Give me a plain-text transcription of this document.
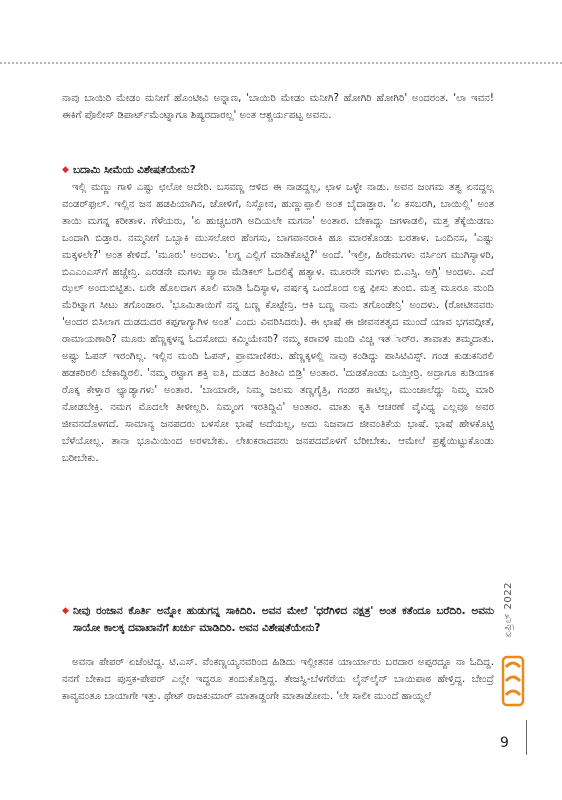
ನಾವು ಬಾಯಿರಿ ಮೇಡಂ ಮನೀಗೆ ಹೊಂಟೀವಿ ಅನ್ನಾಣ, 'ಬಾಯಿರಿ ಮೇಡಂ ಮನೀಗಿ? ಹೋಗಿರಿ ಹೋಗಿರಿ' ಅಂದರಂತ. 'ಲಾ ಇವನ! ಈಕಿಗೆ ಪೊಲೀಸ್ ಡಿಪಾರ್ಟ್‌ಮೆಂಟ್ನಾಗೂ ಶಿಷ್ಯರದಾರಲ್ಲ' ಅಂತ ಆಶ್ಚರ್ಯಪಟ್ಟ ಅವನು.

◆ ಬದಾಮಿ ಸೀಮೆಯ ವಿಶೇಷತೆಯೇನು?

ಇಲ್ಲಿ ಮಣ್ಣು ಗಾಳಿ ಎಷ್ಟು ಛಲೋ ಅದೇರಿ. ಬಸವಣ್ಣ ಆಳಿದ ಈ ನಾಡದ್ದಲ್ಲ, ಛಾಳ ಒಳ್ಳೇ ನಾಡು. ಅವನ ಜಂಗಮ ತತ್ವ ಏನದ್ದಲ್ಲ ವಂಡರ್‌ಫುಲ್. ಇಲ್ಲಿನ ಜನ ಹಡಪಿಯಾಗಿನ, ಜೋಳಿಗೆ, ನಿಸ್ಸೋನ, ಹುಣ್ಣುಪ್ಪಾಲಿ ಅಂತ ಬೈದಾಡ್ತಾರ. 'ಏ ಕಸಬರಗಿ, ಬಾಯಿಲ್ಲಿ' ಅಂತ ತಾಯಿ ಮಗನ್ನ ಕರೀತಾಳ. ಗೆಳೆಯರು, 'ಏ ಹುಚ್ಚಬರಗಿ ಅದಿಯಲೇ ಮಗನಾ' ಅಂತಾರ. ಬೇಕಾದ್ದು ಜಗಳಾಡಲಿ, ಮತ್ತ ತೆಕ್ಕೆಯಿಡಣು ಒಂದಾಗಿ ಬಿಡ್ತಾರ. ನಮ್ಮನೀಗೆ ಒಬ್ಬಾಕಿ ಮುಸಲೋರ ಹೆಂಗಸು, ಬಾಗವಾನರಾಕಿ ಹೂ ಮಾರಕೊಂಡು ಬರತಾಳ. ಒಂದಿನಸ, 'ಎಷ್ಟು ಮಕ್ಕಳಲೇ?' ಅಂತ ಕೇಳಿದೆ. 'ಮೂರು' ಅಂದಳು. 'ಲಗ್ನ ಎಲ್ಲಿಗೆ ಮಾಡಿಕೊಟ್ಟಿ?' ಅಂದೆ. 'ಇಲ್ರೀ, ಹಿರೇಮಗಳು ನರ್ಸಿಂಗ ಮುಗಿಸ್ಯಾಳರಿ, ಬಿಎಎಂಎಸ್‌ಗೆ ಹಚ್ಚೇನ್ರಿ. ಎರಡನೇ ಮಗಳು ಪ್ಯಾರಾ ಮೆಡಿಕಲ್ ಓದಲಿಕ್ಕೆ ಹತ್ಯಾಳ. ಮೂರನೇ ಮಗಳು ಬಿ.ಎಸ್ಸಿ. ಅಗ್ರಿ' ಅಂದಳು. ಎದೆ ಝಲ್ ಅಂದುಬಿಟ್ಟಿತು. ಬರೇ ಹೊಲದಾಗ ಕೂಲಿ ಮಾಡಿ ಓದಿಸ್ಯಾಳ, ವರ್ಷಕ್ಕ ಒಂದೊಂದ ಲಕ್ಷ ಫೀಸು ತುಂಬಿ. ಮತ್ತ ಮೂರೂ ಮಂದಿ ಮೆರಿಟ್ನಾಗ ಸೀಟು ತಗೊಂಡಾರ. 'ಭೂಮಿತಾಯಿಗೆ ನನ್ನ ಬಣ್ಣ ಕೊಟ್ಟೇನ್ರಿ. ಆಕಿ ಬಣ್ಣ ನಾನು ತಗೊಂಡೇನ್ರಿ' ಅಂದಳು. (ರೋಟೀನವರು 'ಅಂದರ ಬಿಸಿಲಾಗ ದುಡದುದರ ಕಪ್ಪಗಾಗ್ಯಾಗಿಳ ಅಂತ' ಎಂದು ವಿವರಿಸಿದರು). ಈ ಛಾಷೆ ಈ ಜೀವನತತ್ವದ ಮುಂದೆ ಯಾವ ಭಗವದ್ಗೀತೆ, ರಾಮಾಯಣಾರಿ? ಮೂರು ಹೆಣ್ಣಕ್ಕಳನ್ನ ಓದಸೋದು ಕಮ್ಮಿಯೇನರಿ? ನಮ್ಮ ಕರಾವಳಿ ಮಂದಿ ವಿಚ್ಚ ಇತರ್ಾರ. ತಾವಾತು ತಮ್ಮದಾತು. ಅಷ್ಟು ಓಪನ್ ಇರಂಗಿಲ್ಲ. ಇಲ್ಲಿನ ಮಂದಿ ಓಪನ್, ಪ್ರಾಮಾಣಿಕರು. ಹೆಣ್ಣಕ್ಕಳಲ್ಲಿ ನಾವು ಕಂಡಿದ್ದು ಪಾಸಿಟಿವಿಸ್ಸ್. ಗಂಡ ಕುಡುಕನಿರಲಿ ಹಡಕರಿರಲಿ ಬೇಕಾದ್ದಿರಲಿ. 'ನಮ್ಮ ರಟ್ಟಾಗ ಶಕ್ತಿ ಐತಿ, ದುಡದ ತಿಂತೀವಿ ಬಿಡ್ರಿ' ಅಂತಾರ. 'ದುಡಕೊಂಡು ಒಯ್ತೀರ್ರಿ. ಅದ್ರಾಗೂ ಕುಡಿಯಾಕ ರೊಕ್ಕ ಕೇಳ್ತಾರ ಛ್ಯಾಡ್ಯಾಗಳು' ಅಂತಾರ. 'ಬಾಯಾರೇ, ನಿಮ್ಮ ಜಲಮ ತಣ್ಣಗೈತ್ರಿ, ಗಂಡರ ಕಾಟಿಲ್ಲ, ಮುಂಜಾಲೆದ್ದು ನಿಮ್ಮ ಮಾರಿ ನೋಡಬೇಕ್ರಿ. ನಮಗ ಮೊದಲೇ ತೀಳೀಲ್ಲರಿ. ನಿಮ್ಮಂಗ ಇರತಿದ್ದಿವಿ' ಅಂತಾರ. ಮಾತು ಕೃತಿ ಆಚರಣೆ ವೈವಿಧ್ಯ ಎಲ್ಲವೂ ಅವರ ಜೀವನದೊಳಗದೆ. ಸಾಮಾನ್ಯ ಜನಪದರು ಬಳಸೋ ಭಾಷೆ ಅದೆಯಲ್ಲ, ಅದು ನಿಜವಾದ ಜೀವಂತಿಕೆಯ ಭಾಷೆ. ಭಾಷೆ ಹೇಳಕೊಟ್ಟಿ ಬೆಳೆಯೋಲ್ಲ. ತಾನಾ ಭೂಮಿಯಿಂದ ಅರಳಬೇಕು. ಲೇಖಕರಾದವರು ಜನಪದದೊಳಗೆ ಬೆರೀಬೇಕು. ಆಮೇಲೆ ಪ್ರಶ್ನೆಯಿಟ್ಟುಕೊಂಡು ಬರೀಬೇಕು.

◆ ನೀವು ರಂಜಾನ ಕೊರ್ತಿ ಅನ್ನೋ ಹುಡುಗನ್ನ ಸಾಕಿದಿರಿ. ಅವನ ಮೇಲೆ 'ಧರೆಗಿಳಿದ ನಕ್ಷತ್ರ' ಅಂತ ಕತೆಂದೂ ಬರೆದಿರಿ. ಅವನು ಸಾಯೋ ಕಾಲಕ್ಕ ದವಾಖಾನೆಗೆ ಖರ್ಚು ಮಾಡಿದಿರಿ. ಅವನ ವಿಶೇಷತೆಯೇನು?

ಅವನಾ ಪೇಪರ್ ಏಜೆಂಟಿದ್ದ. ಟಿ.ಎಸ್. ವೆಂಕಣ್ಣಯ್ಯನವರಿಂದ ಹಿಡಿದು ಇಲ್ಲೀತನಕ ಯಾರ್ಯಾರು ಬರದಾರ ಅಪ್ಪರದ್ದೂ ನಾ ಓದಿದ್ದ. ನನಗೆ ಬೇಕಾದ ಪುಸ್ತಕ-ಪೇಪರ್ ಎಲ್ಲೇ ಇದ್ದರೂ ತಂದುಕೊಡ್ತಿದ್ದ. ತೇಜಸ್ವಿ-ಬೆಳಗೆರೆಯ ಲೈನ್‌ಲೈನ್ ಬಾಯಿಪಾಠ ಹೇಳ್ತಿದ್ದ. ಬೇಂದ್ರೆ ಕಾವ್ಯವಂತೂ ಬಾಯಾಗೇ ಇತ್ತು. ಥೇಟ್ ರಾಜಕುಮಾರ್ ಮಾತಾಡ್ದಂಗೇ ಮಾತಾಡೋನು. 'ಲೇ ಸಾಲೀ ಮುಂದೆ ಹಾಯ್ದಲೆ

ಏಪ್ರಿಲ್ 2022
9
